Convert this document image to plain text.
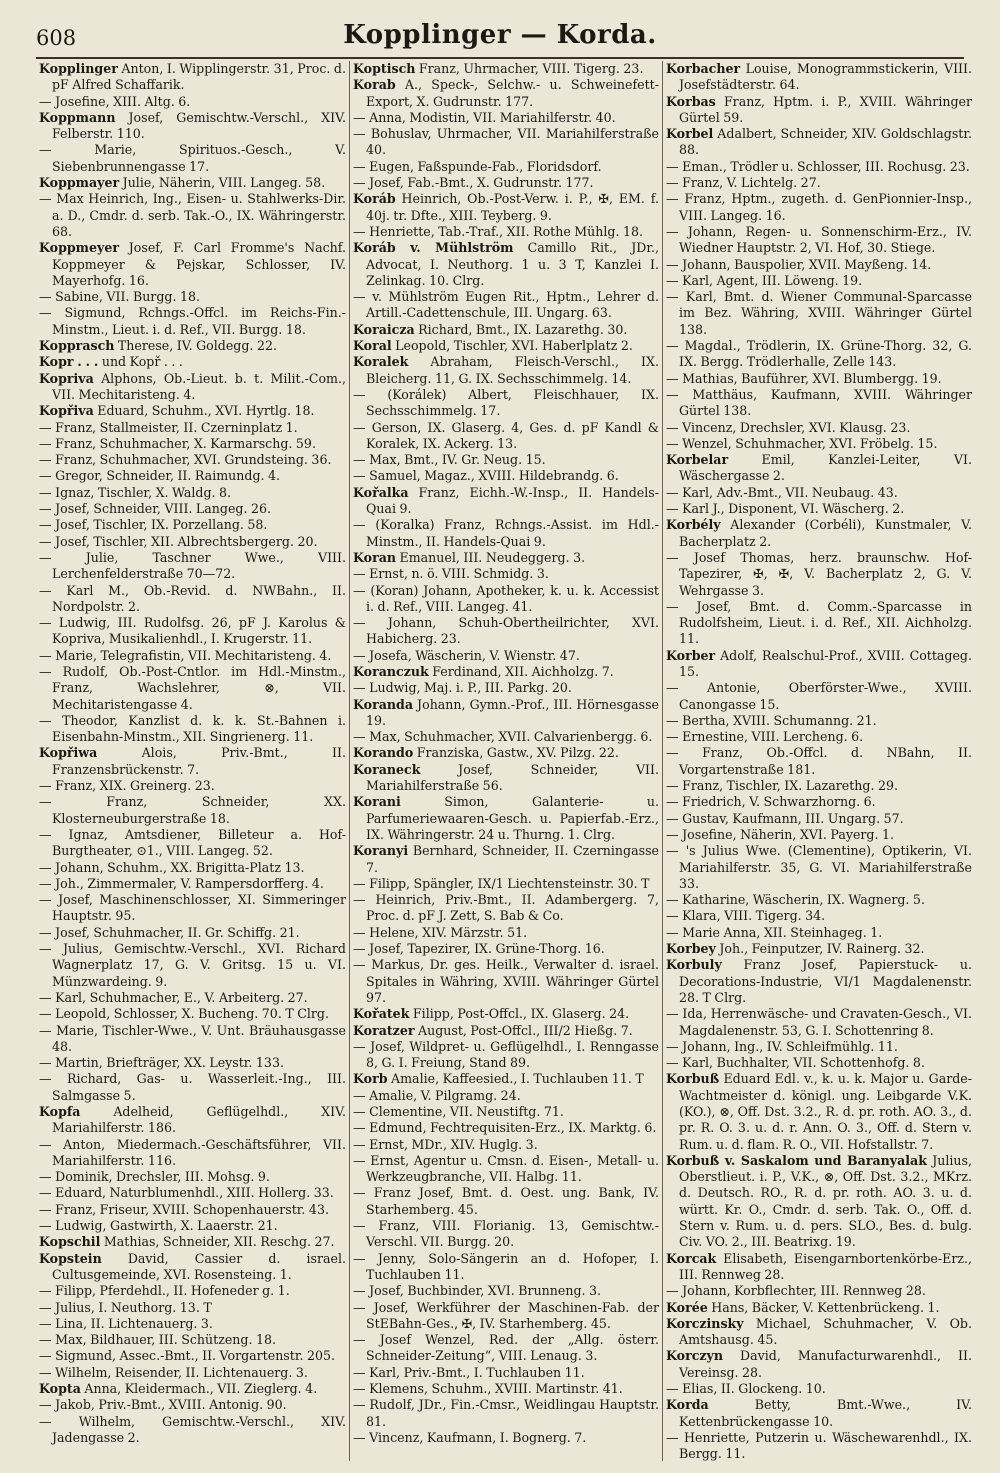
608	Kopplinger — Korda.

Kopplinger Anton, I. Wipplingerstr. 31, Proc. d. pF Alfred Schaffarik.

— Josefine, XIII. Altg. 6.

Koppmann Josef, Gemischtw.-Verschl., XIV. Felberstr. 110.

— Marie, Spirituos.-Gesch., V. Siebenbrunnengasse 17.

Koppmayer Julie, Näherin, VIII. Langeg. 58.

— Max Heinrich, Ing., Eisen- u. Stahlwerks-Dir. a. D., Cmdr. d. serb. Tak.-O., IX. Währingerstr. 68.

Koppmeyer Josef, F. Carl Fromme's Nachf. Koppmeyer & Pejskar, Schlosser, IV. Mayerhofg. 16.

— Sabine, VII. Burgg. 18.

— Sigmund, Rchngs.-Offcl. im Reichs-Fin.-Minstm., Lieut. i. d. Ref., VII. Burgg. 18.

Kopprasch Therese, IV. Goldegg. 22.

Kopr . . . und Kopř . . .

Kopriva Alphons, Ob.-Lieut. b. t. Milit.-Com., VII. Mechitaristeng. 4.

Kopřiva Eduard, Schuhm., XVI. Hyrtlg. 18.

— Franz, Stallmeister, II. Czerninplatz 1.

— Franz, Schuhmacher, X. Karmarschg. 59.

— Franz, Schuhmacher, XVI. Grundsteing. 36.

— Gregor, Schneider, II. Raimundg. 4.

— Ignaz, Tischler, X. Waldg. 8.

— Josef, Schneider, VIII. Langeg. 26.

— Josef, Tischler, IX. Porzellang. 58.

— Josef, Tischler, XII. Albrechtsbergerg. 20.

— Julie, Taschner Wwe., VIII. Lerchenfelderstraße 70—72.

— Karl M., Ob.-Revid. d. NWBahn., II. Nordpolstr. 2.

— Ludwig, III. Rudolfsg. 26, pF J. Karolus & Kopriva, Musikalienhdl., I. Krugerstr. 11.

— Marie, Telegrafistin, VII. Mechitaristeng. 4.

— Rudolf, Ob.-Post-Cntlor. im Hdl.-Minstm., Franz, Wachslehrer, ⊗, VII. Mechitaristengasse 4.

— Theodor, Kanzlist d. k. k. St.-Bahnen i. Eisenbahn-Minstm., XII. Singrienerg. 11.

Kopřiwa Alois, Priv.-Bmt., II. Franzensbrückenstr. 7.

— Franz, XIX. Greinerg. 23.

— Franz, Schneider, XX. Klosterneuburgerstraße 18.

— Ignaz, Amtsdiener, Billeteur a. Hof-Burgtheater, ⊙1., VIII. Langeg. 52.

— Johann, Schuhm., XX. Brigitta-Platz 13.

— Joh., Zimmermaler, V. Rampersdorfferg. 4.

— Josef, Maschinenschlosser, XI. Simmeringer Hauptstr. 95.

— Josef, Schuhmacher, II. Gr. Schiffg. 21.

— Julius, Gemischtw.-Verschl., XVI. Richard Wagnerplatz 17, G. V. Gritsg. 15 u. VI. Münzwardeing. 9.

— Karl, Schuhmacher, E., V. Arbeiterg. 27.

— Leopold, Schlosser, X. Bucheng. 70. T Clrg.

— Marie, Tischler-Wwe., V. Unt. Bräuhausgasse 48.

— Martin, Briefträger, XX. Leystr. 133.

— Richard, Gas- u. Wasserleit.-Ing., III. Salmgasse 5.

Kopfa Adelheid, Geflügelhdl., XIV. Mariahilferstr. 186.

— Anton, Miedermach.-Geschäftsführer, VII. Mariahilferstr. 116.

— Dominik, Drechsler, III. Mohsg. 9.

— Eduard, Naturblumenhdl., XIII. Hollerg. 33.

— Franz, Friseur, XVIII. Schopenhauerstr. 43.

— Ludwig, Gastwirth, X. Laaerstr. 21.

Kopschil Mathias, Schneider, XII. Reschg. 27.

Kopstein David, Cassier d. israel. Cultusgemeinde, XVI. Rosensteing. 1.

— Filipp, Pferdehdl., II. Hofeneder g. 1.

— Julius, I. Neuthorg. 13. T

— Lina, II. Lichtenauerg. 3.

— Max, Bildhauer, III. Schützeng. 18.

— Sigmund, Assec.-Bmt., II. Vorgartenstr. 205.

— Wilhelm, Reisender, II. Lichtenauerg. 3.

Kopta Anna, Kleidermach., VII. Zieglerg. 4.

— Jakob, Priv.-Bmt., XVIII. Antonig. 90.

— Wilhelm, Gemischtw.-Verschl., XIV. Jadengasse 2.

Koptisch Franz, Uhrmacher, VIII. Tigerg. 23.

Korab A., Speck-, Selchw.- u. Schweinefett-Export, X. Gudrunstr. 177.

— Anna, Modistin, VII. Mariahilferstr. 40.

— Bohuslav, Uhrmacher, VII. Mariahilferstraße 40.

— Eugen, Faßspunde-Fab., Floridsdorf.

— Josef, Fab.-Bmt., X. Gudrunstr. 177.

Koráb Heinrich, Ob.-Post-Verw. i. P., ✠, EM. f. 40j. tr. Dfte., XIII. Teyberg. 9.

— Henriette, Tab.-Traf., XII. Rothe Mühlg. 18.

Koráb v. Mühlström Camillo Rit., JDr., Advocat, I. Neuthorg. 1 u. 3 T, Kanzlei I. Zelinkag. 10. Clrg.

— v. Mühlström Eugen Rit., Hptm., Lehrer d. Artill.-Cadettenschule, III. Ungarg. 63.

Koraicza Richard, Bmt., IX. Lazarethg. 30.

Koral Leopold, Tischler, XVI. Haberlplatz 2.

Koralek Abraham, Fleisch-Verschl., IX. Bleicherg. 11, G. IX. Sechsschimmelg. 14.

— (Korálek) Albert, Fleischhauer, IX. Sechsschimmelg. 17.

— Gerson, IX. Glaserg. 4, Ges. d. pF Kandl & Koralek, IX. Ackerg. 13.

— Max, Bmt., IV. Gr. Neug. 15.

— Samuel, Magaz., XVIII. Hildebrandg. 6.

Kořalka Franz, Eichh.-W.-Insp., II. Handels-Quai 9.

— (Koralka) Franz, Rchngs.-Assist. im Hdl.-Minstm., II. Handels-Quai 9.

Koran Emanuel, III. Neudeggerg. 3.

— Ernst, n. ö. VIII. Schmidg. 3.

— (Koran) Johann, Apotheker, k. u. k. Accessist i. d. Ref., VIII. Langeg. 41.

— Johann, Schuh-Obertheilrichter, XVI. Habicherg. 23.

— Josefa, Wäscherin, V. Wienstr. 47.

Koranczuk Ferdinand, XII. Aichholzg. 7.

— Ludwig, Maj. i. P., III. Parkg. 20.

Koranda Johann, Gymn.-Prof., III. Hörnesgasse 19.

— Max, Schuhmacher, XVII. Calvarienbergg. 6.

Korando Franziska, Gastw., XV. Pilzg. 22.

Koraneck Josef, Schneider, VII. Mariahilferstraße 56.

Korani Simon, Galanterie- u. Parfumeriewaaren-Gesch. u. Papierfab.-Erz., IX. Währingerstr. 24 u. Thurng. 1. Clrg.

Koranyi Bernhard, Schneider, II. Czerningasse 7.

— Filipp, Spängler, IX/1 Liechtensteinstr. 30. T

— Heinrich, Priv.-Bmt., II. Adambergerg. 7, Proc. d. pF J. Zett, S. Bab & Co.

— Helene, XIV. Märzstr. 51.

— Josef, Tapezirer, IX. Grüne-Thorg. 16.

— Markus, Dr. ges. Heilk., Verwalter d. israel. Spitales in Währing, XVIII. Währinger Gürtel 97.

Kořatek Filipp, Post-Offcl., IX. Glaserg. 24.

Koratzer August, Post-Offcl., III/2 Hießg. 7.

— Josef, Wildpret- u. Geflügelhdl., I. Renngasse 8, G. I. Freiung, Stand 89.

Korb Amalie, Kaffeesied., I. Tuchlauben 11. T

— Amalie, V. Pilgramg. 24.

— Clementine, VII. Neustiftg. 71.

— Edmund, Fechtrequisiten-Erz., IX. Marktg. 6.

— Ernst, MDr., XIV. Huglg. 3.

— Ernst, Agentur u. Cmsn. d. Eisen-, Metall- u. Werkzeugbranche, VII. Halbg. 11.

— Franz Josef, Bmt. d. Oest. ung. Bank, IV. Starhemberg. 45.

— Franz, VIII. Florianig. 13, Gemischtw.-Verschl. VII. Burgg. 20.

— Jenny, Solo-Sängerin an d. Hofoper, I. Tuchlauben 11.

— Josef, Buchbinder, XVI. Brunneng. 3.

— Josef, Werkführer der Maschinen-Fab. der StEBahn-Ges., ✠, IV. Starhemberg. 45.

— Josef Wenzel, Red. der „Allg. österr. Schneider-Zeitung“, VIII. Lenaug. 3.

— Karl, Priv.-Bmt., I. Tuchlauben 11.

— Klemens, Schuhm., XVIII. Martinstr. 41.

— Rudolf, JDr., Fin.-Cmsr., Weidlingau Hauptstr. 81.

— Vincenz, Kaufmann, I. Bognerg. 7.

Korbacher Louise, Monogrammstickerin, VIII. Josefstädterstr. 64.

Korbas Franz, Hptm. i. P., XVIII. Währinger Gürtel 59.

Korbel Adalbert, Schneider, XIV. Goldschlagstr. 88.

— Eman., Trödler u. Schlosser, III. Rochusg. 23.

— Franz, V. Lichtelg. 27.

— Franz, Hptm., zugeth. d. GenPionnier-Insp., VIII. Langeg. 16.

— Johann, Regen- u. Sonnenschirm-Erz., IV. Wiedner Hauptstr. 2, VI. Hof, 30. Stiege.

— Johann, Bauspolier, XVII. Mayßeng. 14.

— Karl, Agent, III. Löweng. 19.

— Karl, Bmt. d. Wiener Communal-Sparcasse im Bez. Währing, XVIII. Währinger Gürtel 138.

— Magdal., Trödlerin, IX. Grüne-Thorg. 32, G. IX. Bergg. Trödlerhalle, Zelle 143.

— Mathias, Bauführer, XVI. Blumbergg. 19.

— Matthäus, Kaufmann, XVIII. Währinger Gürtel 138.

— Vincenz, Drechsler, XVI. Klausg. 23.

— Wenzel, Schuhmacher, XVI. Fröbelg. 15.

Korbelar Emil, Kanzlei-Leiter, VI. Wäschergasse 2.

— Karl, Adv.-Bmt., VII. Neubaug. 43.

— Karl J., Disponent, VI. Wäscherg. 2.

Korbély Alexander (Corbéli), Kunstmaler, V. Bacherplatz 2.

— Josef Thomas, herz. braunschw. Hof-Tapezirer, ✠, ✠, V. Bacherplatz 2, G. V. Wehrgasse 3.

— Josef, Bmt. d. Comm.-Sparcasse in Rudolfsheim, Lieut. i. d. Ref., XII. Aichholzg. 11.

Korber Adolf, Realschul-Prof., XVIII. Cottageg. 15.

— Antonie, Oberförster-Wwe., XVIII. Canongasse 15.

— Bertha, XVIII. Schumanng. 21.

— Ernestine, VIII. Lercheng. 6.

— Franz, Ob.-Offcl. d. NBahn, II. Vorgartenstraße 181.

— Franz, Tischler, IX. Lazarethg. 29.

— Friedrich, V. Schwarzhorng. 6.

— Gustav, Kaufmann, III. Ungarg. 57.

— Josefine, Näherin, XVI. Payerg. 1.

— 's Julius Wwe. (Clementine), Optikerin, VI. Mariahilferstr. 35, G. VI. Mariahilferstraße 33.

— Katharine, Wäscherin, IX. Wagnerg. 5.

— Klara, VIII. Tigerg. 34.

— Marie Anna, XII. Steinhageg. 1.

Korbey Joh., Feinputzer, IV. Rainerg. 32.

Korbuly Franz Josef, Papierstuck- u. Decorations-Industrie, VI/1 Magdalenenstr. 28. T Clrg.

— Ida, Herrenwäsche- und Cravaten-Gesch., VI. Magdalenenstr. 53, G. I. Schottenring 8.

— Johann, Ing., IV. Schleifmühlg. 11.

— Karl, Buchhalter, VII. Schottenhofg. 8.

Korbuß Eduard Edl. v., k. u. k. Major u. Garde-Wachtmeister d. königl. ung. Leibgarde V.K. (KO.), ⊗, Off. Dst. 3.2., R. d. pr. roth. AO. 3., d. pr. R. O. 3. u. d. r. Ann. O. 3., Off. d. Stern v. Rum. u. d. flam. R. O., VII. Hofstallstr. 7.

Korbuß v. Saskalom und Baranyalak Julius, Oberstlieut. i. P., V.K., ⊗, Off. Dst. 3.2., MKrz. d. Deutsch. RO., R. d. pr. roth. AO. 3. u. d. württ. Kr. O., Cmdr. d. serb. Tak. O., Off. d. Stern v. Rum. u. d. pers. SLO., Bes. d. bulg. Civ. VO. 2., III. Beatrixg. 19.

Korcak Elisabeth, Eisengarnbortenkörbe-Erz., III. Rennweg 28.

— Johann, Korbflechter, III. Rennweg 28.

Korée Hans, Bäcker, V. Kettenbrückeng. 1.

Korczinsky Michael, Schuhmacher, V. Ob. Amtshausg. 45.

Korczyn David, Manufacturwarenhdl., II. Vereinsg. 28.

— Elias, II. Glockeng. 10.

Korda Betty, Bmt.-Wwe., IV. Kettenbrückengasse 10.

— Henriette, Putzerin u. Wäschewarenhdl., IX. Bergg. 11.
